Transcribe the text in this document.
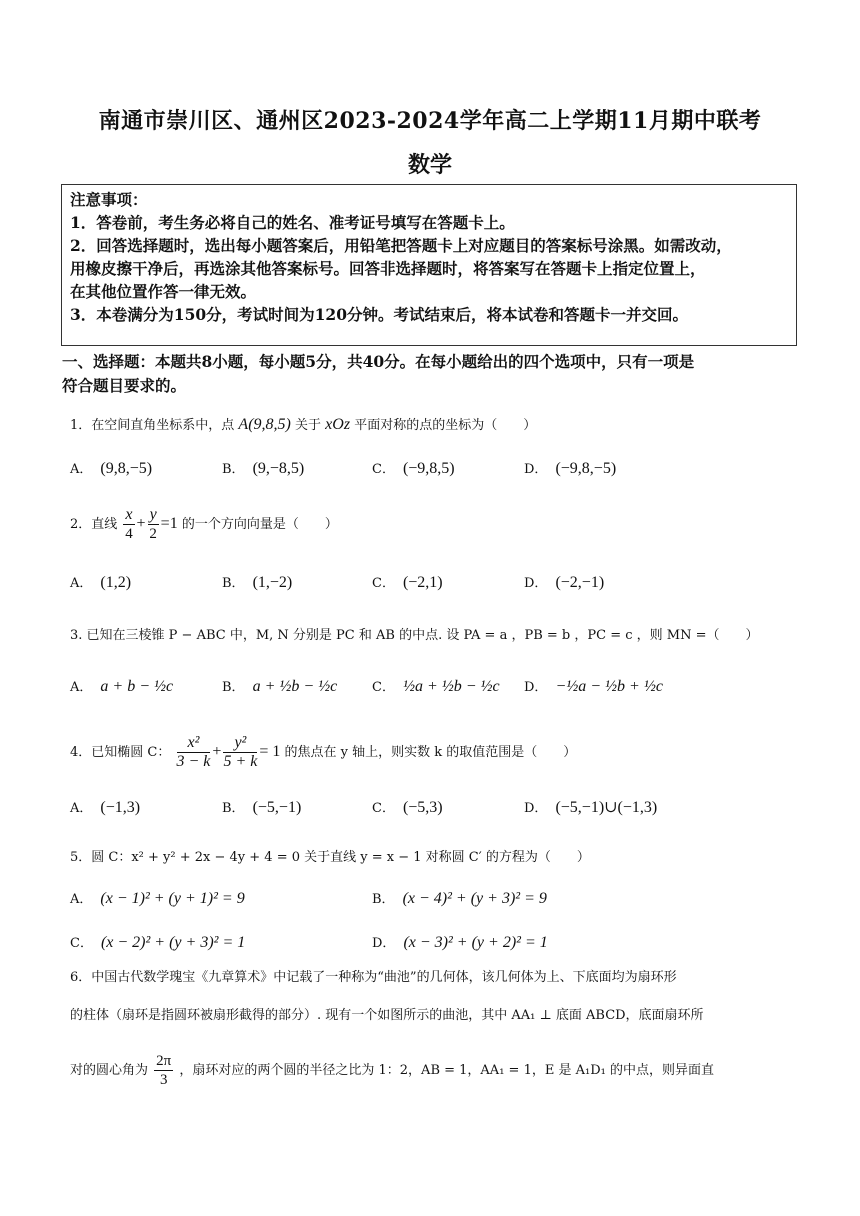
南通市崇川区、通州区2023-2024学年高二上学期11月期中联考
数学
注意事项：
1．答卷前，考生务必将自己的姓名、准考证号填写在答题卡上。
2．回答选择题时，选出每小题答案后，用铅笔把答题卡上对应题目的答案标号涂黑。如需改动，
用橡皮擦干净后，再选涂其他答案标号。回答非选择题时，将答案写在答题卡上指定位置上，
在其他位置作答一律无效。
3．本卷满分为150分，考试时间为120分钟。考试结束后，将本试卷和答题卡一并交回。
一、选择题：本题共8小题，每小题5分，共40分。在每小题给出的四个选项中，只有一项是
符合题目要求的。
1．在空间直角坐标系中，点 A(9,8,5) 关于 xOz 平面对称的点的坐标为（　　）
A． (9,8,−5)	B． (9,−8,5)	C． (−9,8,5)	D． (−9,8,−5)
2．直线 $\frac{x}{4} + \frac{y}{2} =1$ 的一个方向向量是（　　）
A． (1,2)	B． (1,−2)	C． (−2,1)	D． (−2,−1)
3. 已知在三棱锥 P − ABC 中，M, N 分别是 PC 和 AB 的中点. 设 PA = a ，PB = b ，PC = c ，则 MN =（　　）
A． a + b − ½c	B． a + ½b − ½c	C． ½a + ½b − ½c D． −½a − ½b + ½c
4．已知椭圆 C： $\frac{\text{x²}}{3 - k} + \frac{\text{y²}}{5 + k} = 1$ 的焦点在 y 轴上，则实数 k 的取值范围是（　　）
A． (−1,3)	B． (−5,−1)	C． (−5,3)	D． (−5,−1)∪(−1,3)
5．圆 C：x² + y² + 2x − 4y + 4 = 0 关于直线 y = x − 1 对称圆 C′ 的方程为（　　）
A． (x − 1)² + (y + 1)² = 9	B． (x − 4)² + (y + 3)² = 9
C． (x − 2)² + (y + 3)² = 1	D． (x − 3)² + (y + 2)² = 1
6．中国古代数学瑰宝《九章算术》中记载了一种称为“曲池”的几何体，该几何体为上、下底面均为扇环形
的柱体（扇环是指圆环被扇形截得的部分）. 现有一个如图所示的曲池，其中 AA₁ ⊥ 底面 ABCD，底面扇环所
对的圆心角为 $\frac{2\pi}{3}$ ，扇环对应的两个圆的半径之比为 1：2，AB = 1，AA₁ = 1，E 是 A₁D₁ 的中点，则异面直
